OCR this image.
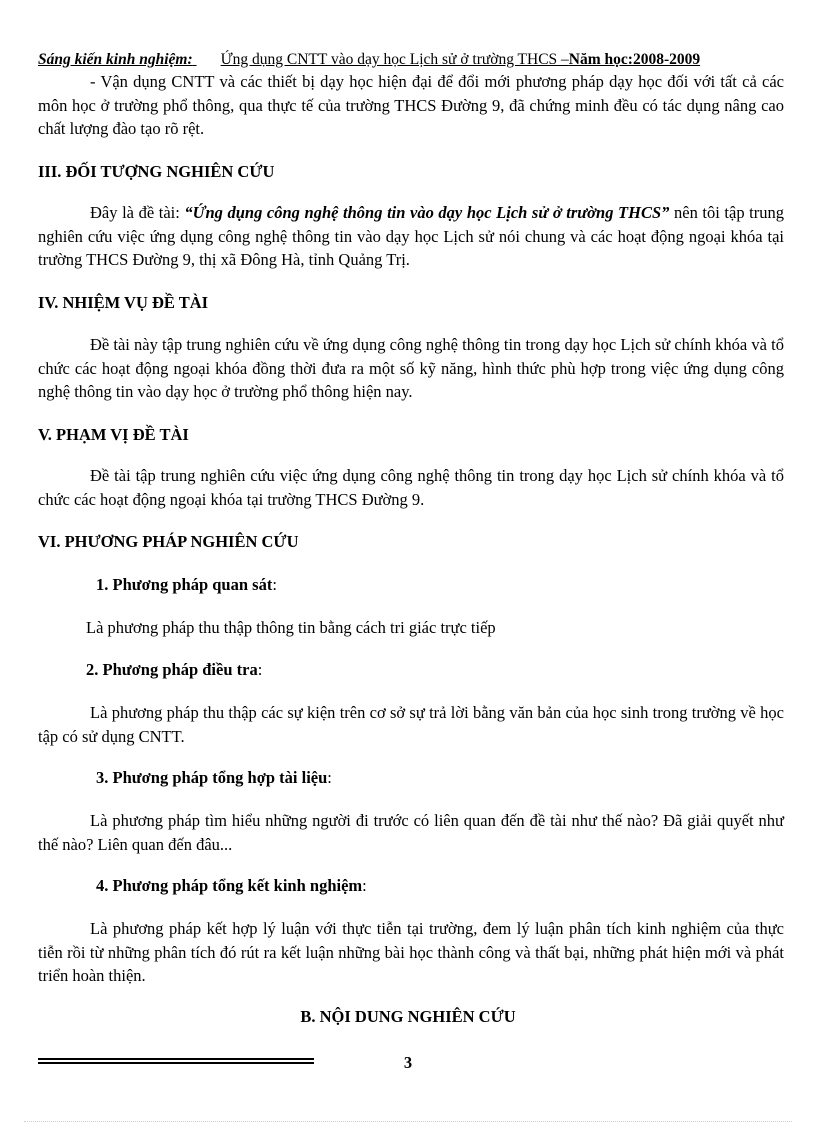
Sáng kiến kinh nghiệm: Ứng dụng CNTT vào dạy học Lịch sử ở trường THCS –Năm học:2008-2009
- Vận dụng CNTT và các thiết bị dạy học hiện đại để đổi mới phương pháp dạy học đối với tất cả các môn học ở trường phổ thông, qua thực tế của trường THCS Đường 9, đã chứng minh đều có tác dụng nâng cao chất lượng đào tạo rõ rệt.
III. ĐỐI TƯỢNG NGHIÊN CỨU
Đây là đề tài: “Ứng dụng công nghệ thông tin vào dạy học Lịch sử ở trường THCS” nên tôi tập trung nghiên cứu việc ứng dụng công nghệ thông tin vào dạy học Lịch sử nói chung và các hoạt động ngoại khóa tại trường THCS Đường 9, thị xã Đông Hà, tỉnh Quảng Trị.
IV. NHIỆM VỤ ĐỀ TÀI
Đề tài này tập trung nghiên cứu về ứng dụng công nghệ thông tin trong dạy học Lịch sử chính khóa và tổ chức các hoạt động ngoại khóa đồng thời đưa ra một số kỹ năng, hình thức phù hợp trong việc ứng dụng công nghệ thông tin vào dạy học ở trường phổ thông hiện nay.
V. PHẠM VỊ ĐỀ TÀI
Đề tài tập trung nghiên cứu việc ứng dụng công nghệ thông tin trong dạy học Lịch sử chính khóa và tổ chức các hoạt động ngoại khóa tại trường THCS Đường 9.
VI. PHƯƠNG PHÁP NGHIÊN CỨU
1. Phương pháp quan sát:
Là phương pháp thu thập thông tin bằng cách tri giác trực tiếp
2. Phương pháp điều tra:
Là phương pháp thu thập các sự kiện trên cơ sở sự trả lời bằng văn bản của học sinh trong trường về học tập có sử dụng CNTT.
3. Phương pháp tổng hợp tài liệu:
Là phương pháp tìm hiểu những người đi trước có liên quan đến đề tài như thế nào? Đã giải quyết như thế nào? Liên quan đến đâu...
4. Phương pháp tổng kết kinh nghiệm:
Là phương pháp kết hợp lý luận với thực tiễn tại trường, đem lý luận phân tích kinh nghiệm của thực tiễn rồi từ những phân tích đó rút ra kết luận những bài học thành công và thất bại, những phát hiện mới và phát triển hoàn thiện.
B. NỘI DUNG NGHIÊN CỨU
3
